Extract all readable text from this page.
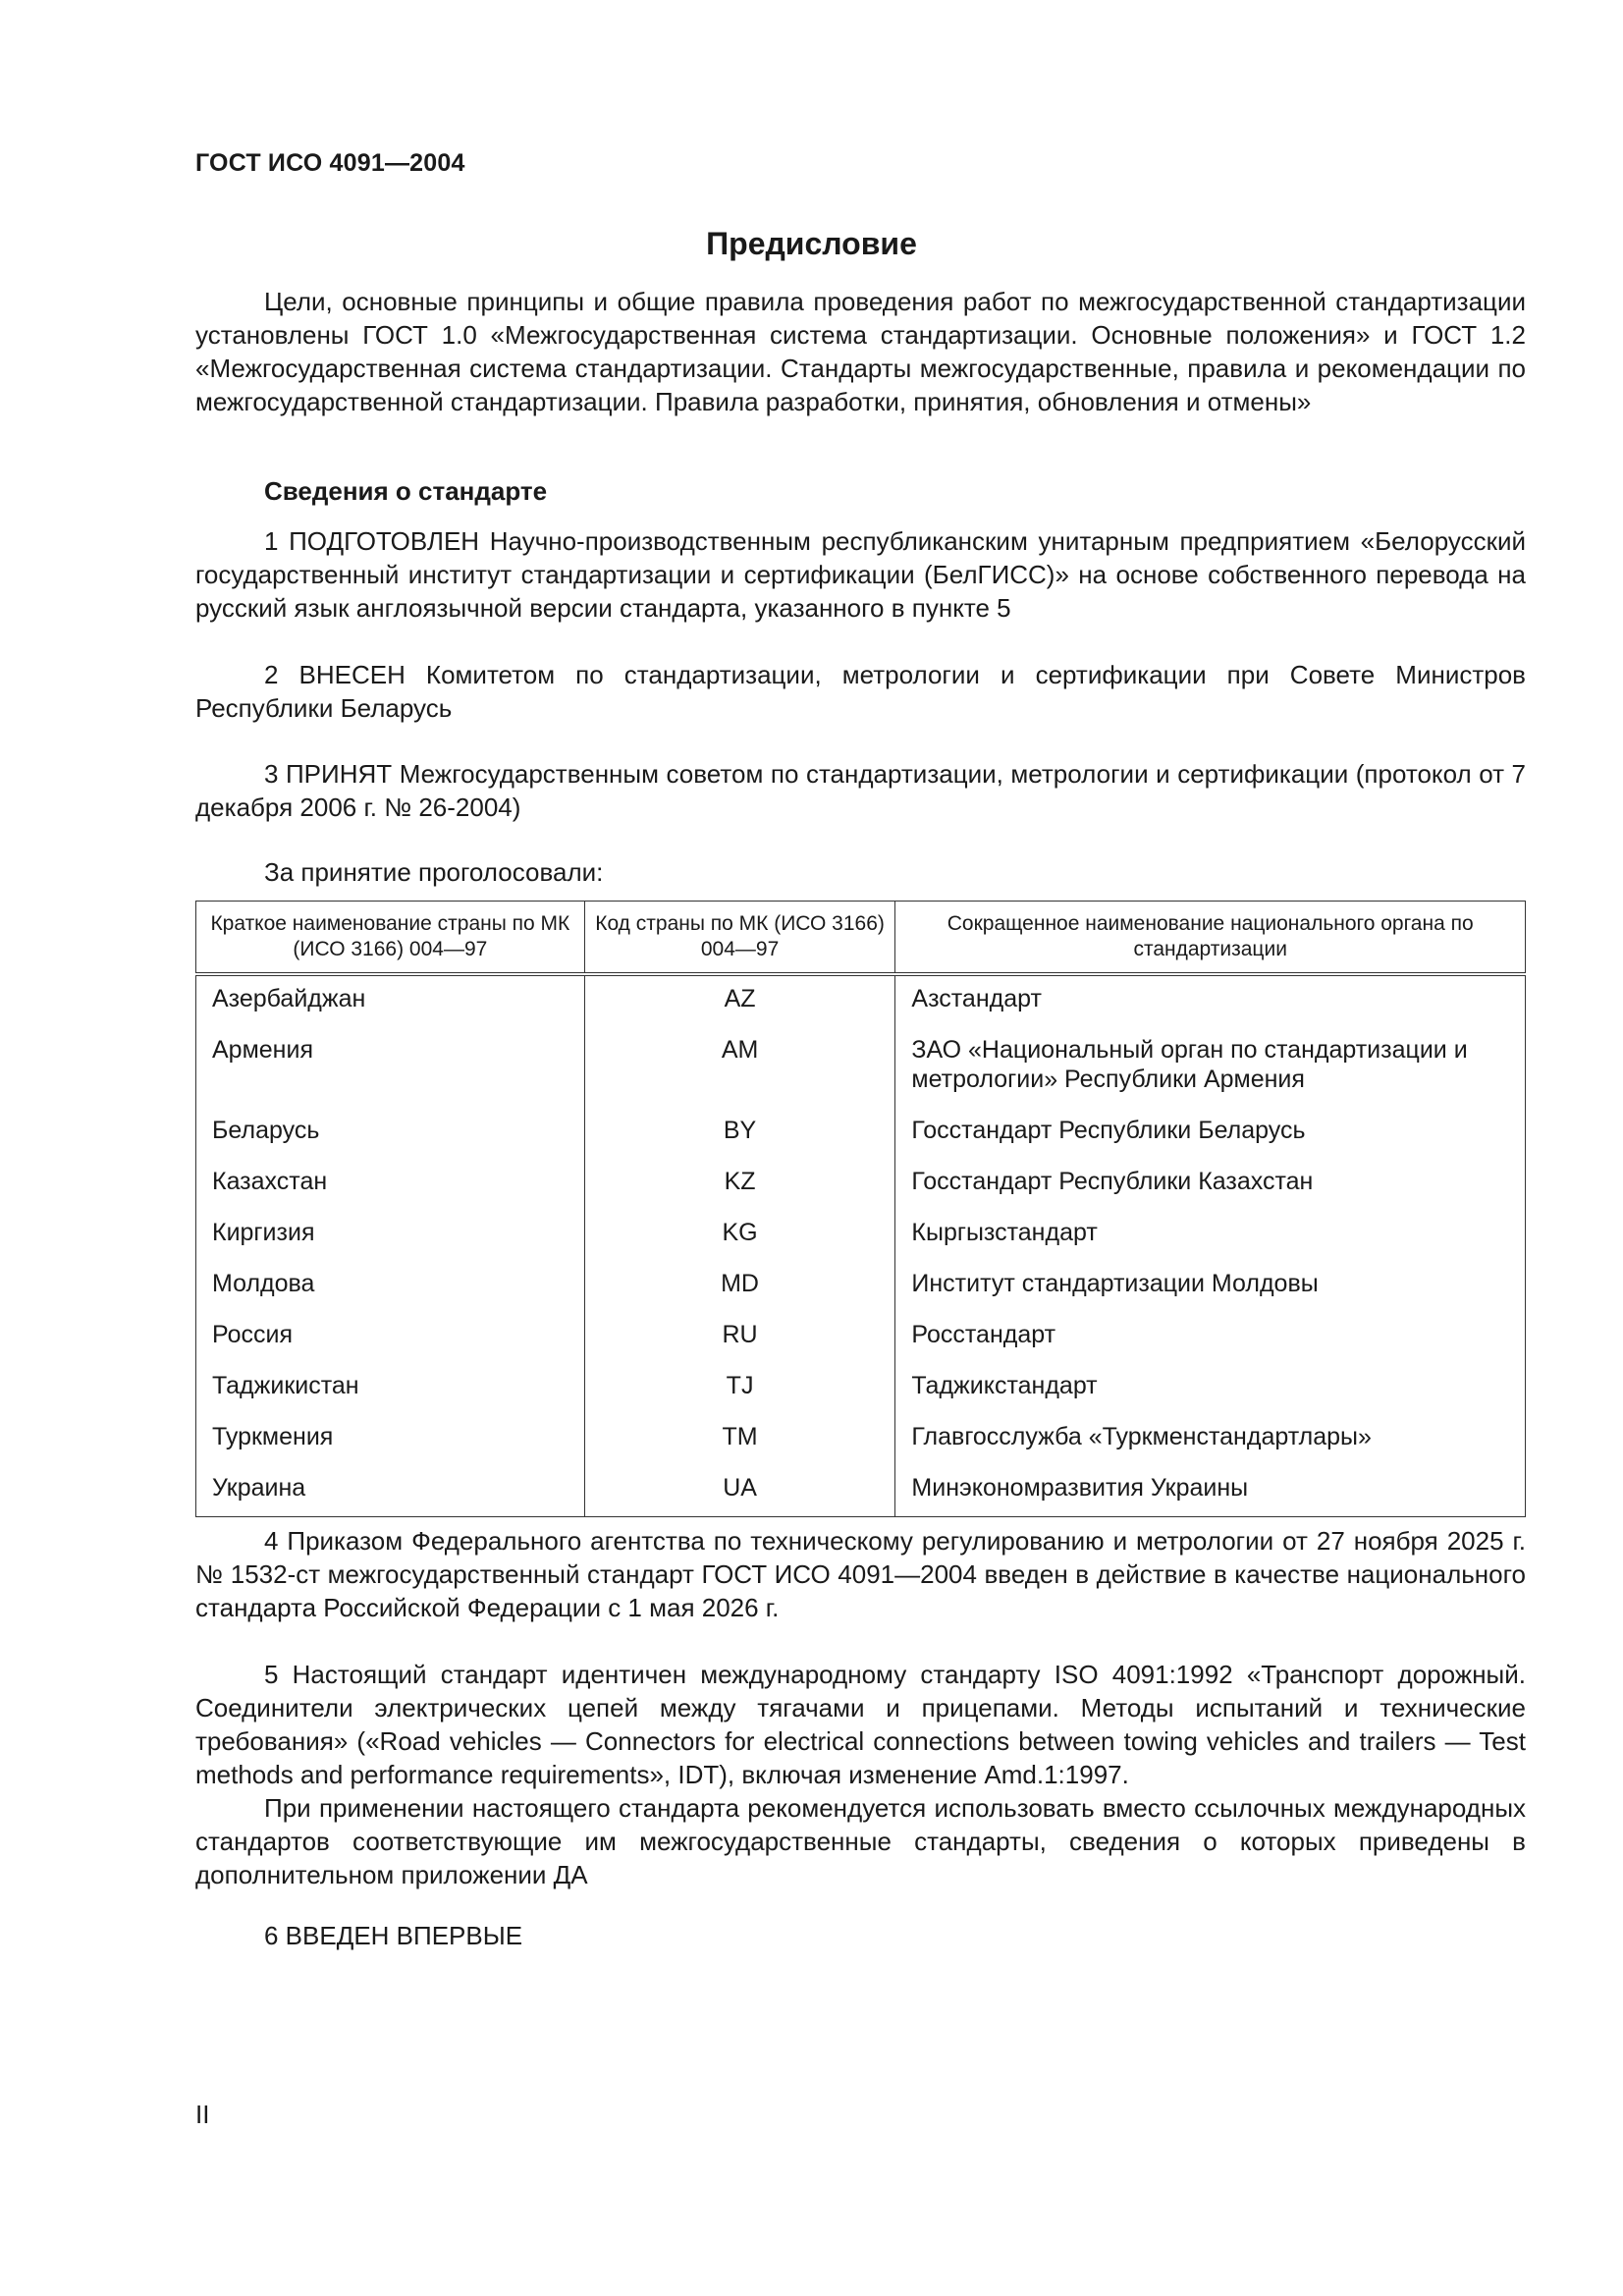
ГОСТ ИСО 4091—2004
Предисловие

Цели, основные принципы и общие правила проведения работ по межгосударственной стандартизации установлены ГОСТ 1.0 «Межгосударственная система стандартизации. Основные положения» и ГОСТ 1.2 «Межгосударственная система стандартизации. Стандарты межгосударственные, правила и рекомендации по межгосударственной стандартизации. Правила разработки, принятия, обновления и отмены»

Сведения о стандарте

1 ПОДГОТОВЛЕН Научно-производственным республиканским унитарным предприятием «Белорусский государственный институт стандартизации и сертификации (БелГИСС)» на основе собственного перевода на русский язык англоязычной версии стандарта, указанного в пункте 5

2 ВНЕСЕН Комитетом по стандартизации, метрологии и сертификации при Совете Министров Республики Беларусь

3 ПРИНЯТ Межгосударственным советом по стандартизации, метрологии и сертификации (протокол от 7 декабря 2006 г. № 26-2004)

За принятие проголосовали:
Краткое наименование страны по МК (ИСО 3166) 004—97	Код страны по МК (ИСО 3166) 004—97	Сокращенное наименование национального органа по стандартизации
Азербайджан	AZ	Азстандарт
Армения	AM	ЗАО «Национальный орган по стандартизации и метрологии» Республики Армения
Беларусь	BY	Госстандарт Республики Беларусь
Казахстан	KZ	Госстандарт Республики Казахстан
Киргизия	KG	Кыргызстандарт
Молдова	MD	Институт стандартизации Молдовы
Россия	RU	Росстандарт
Таджикистан	TJ	Таджикстандарт
Туркмения	TM	Главгосслужба «Туркменстандартлары»
Украина	UA	Минэкономразвития Украины

4 Приказом Федерального агентства по техническому регулированию и метрологии от 27 ноября 2025 г. № 1532-ст межгосударственный стандарт ГОСТ ИСО 4091—2004 введен в действие в качестве национального стандарта Российской Федерации с 1 мая 2026 г.

5 Настоящий стандарт идентичен международному стандарту ISO 4091:1992 «Транспорт дорожный. Соединители электрических цепей между тягачами и прицепами. Методы испытаний и технические требования» («Road vehicles — Connectors for electrical connections between towing vehicles and trailers — Test methods and performance requirements», IDT), включая изменение Amd.1:1997.

При применении настоящего стандарта рекомендуется использовать вместо ссылочных международных стандартов соответствующие им межгосударственные стандарты, сведения о которых приведены в дополнительном приложении ДА

6 ВВЕДЕН ВПЕРВЫЕ
II
